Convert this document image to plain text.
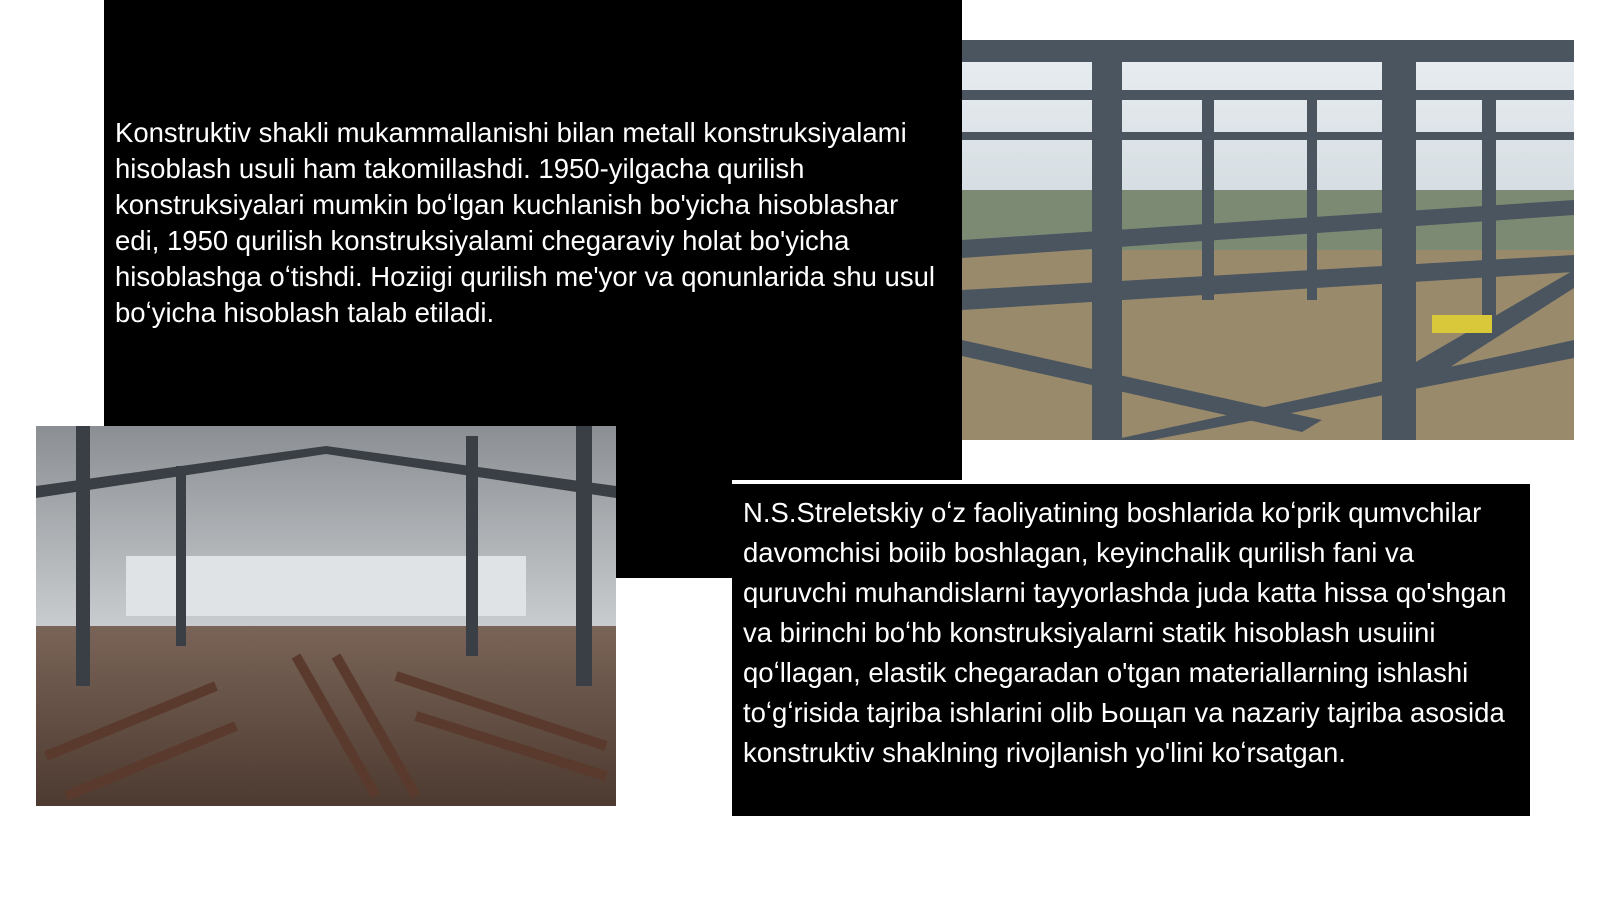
Konstruktiv shakli mukammallanishi bilan metall konstruksiyalami hisoblash usuli ham takomillashdi. 1950-yilgacha qurilish konstruksiyalari mumkin boʻlgan kuchlanish bo'yicha hisoblashar edi, 1950 qurilish konstruksiyalami chegaraviy holat bo'yicha hisoblashga oʻtishdi. Hoziigi qurilish me'yor va qonunlarida shu usul boʻyicha hisoblash talab etiladi.
N.S.Streletskiy oʻz faoliyatining boshlarida koʻprik qumvchilar davomchisi boiib boshlagan, keyinchalik qurilish fani va quruvchi muhandislarni tayyorlashda juda katta hissa qo'shgan va birinchi boʻhb konstruksiyalarni statik hisoblash usuiini qoʻllagan, elastik chegaradan o'tgan materiallarning ishlashi toʻgʻrisida tajriba ishlarini olib Ьощап va nazariy tajriba asosida konstruktiv shaklning rivojlanish yo'lini koʻrsatgan.
